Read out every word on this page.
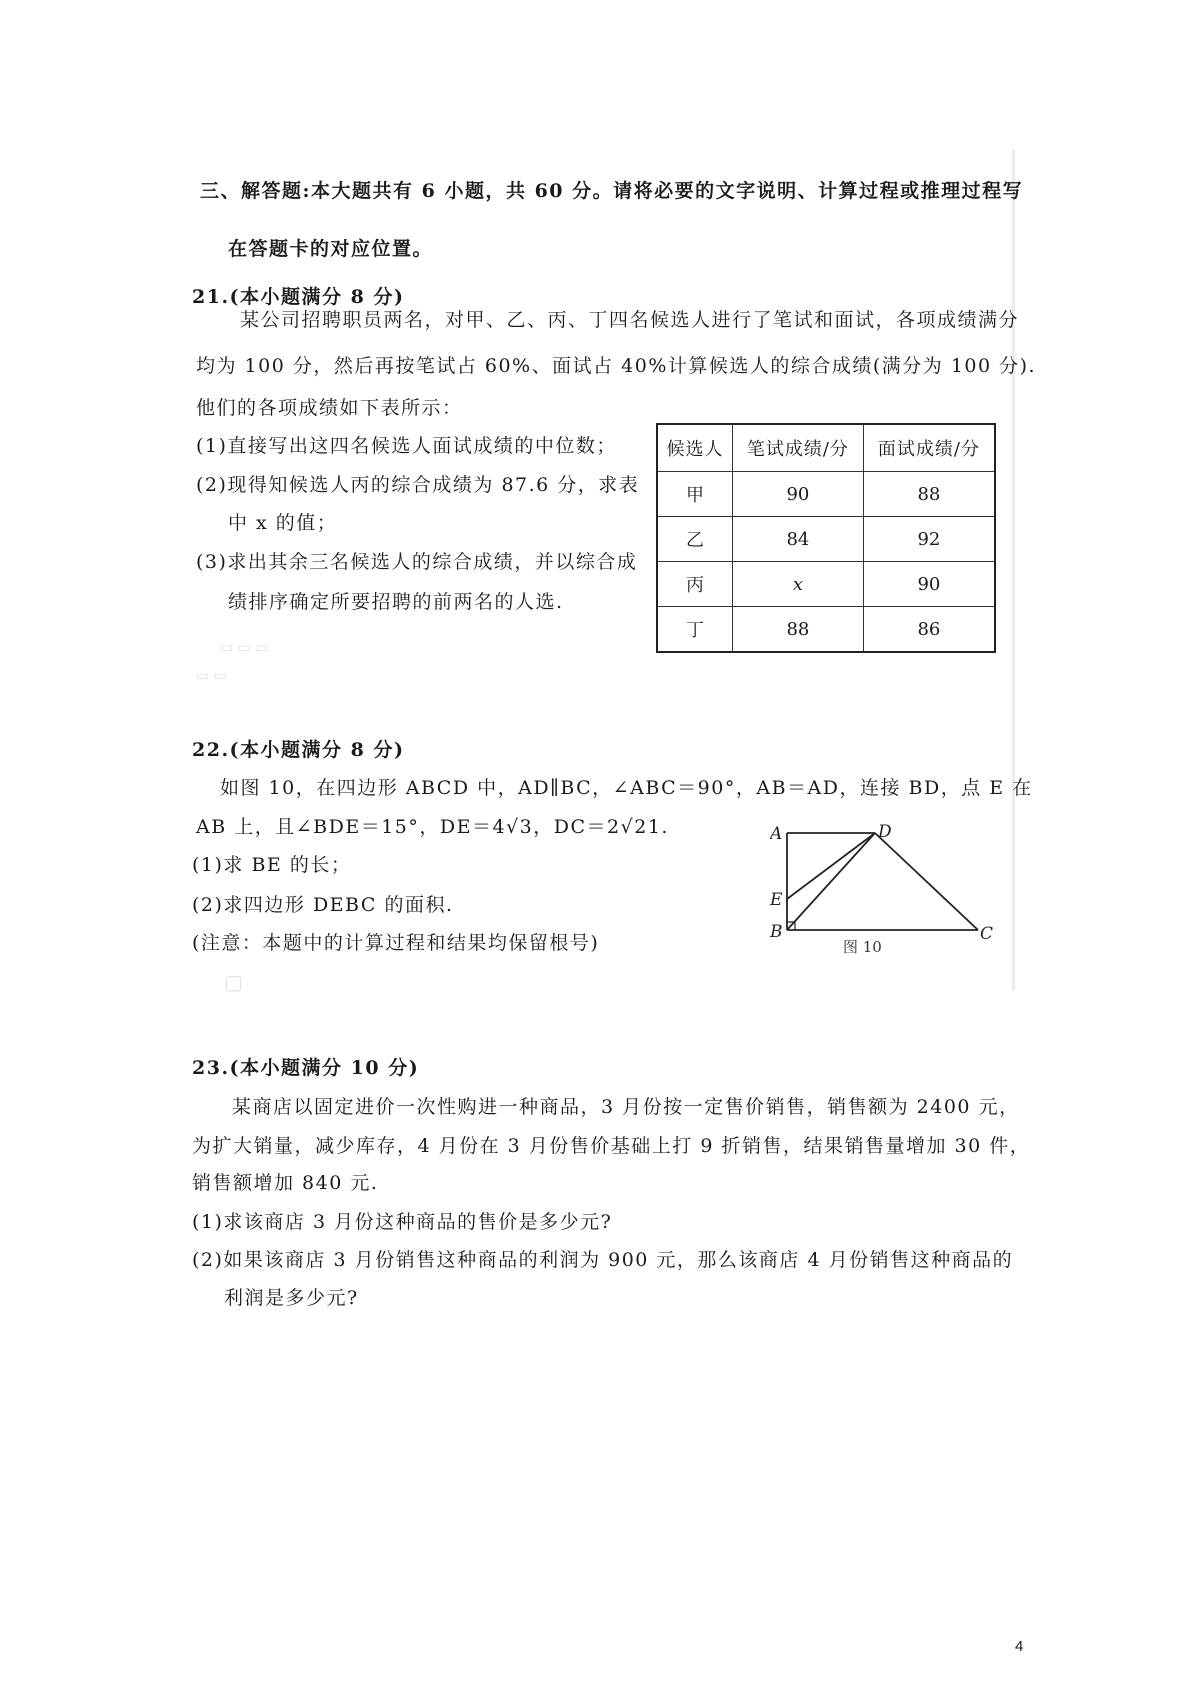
三、解答题:本大题共有 6 小题，共 60 分。请将必要的文字说明、计算过程或推理过程写
在答题卡的对应位置。
21.(本小题满分 8 分)
某公司招聘职员两名，对甲、乙、丙、丁四名候选人进行了笔试和面试，各项成绩满分
均为 100 分，然后再按笔试占 60%、面试占 40%计算候选人的综合成绩(满分为 100 分).
他们的各项成绩如下表所示：
(1)直接写出这四名候选人面试成绩的中位数；
(2)现得知候选人丙的综合成绩为 87.6 分，求表
中 x 的值；
(3)求出其余三名候选人的综合成绩，并以综合成
绩排序确定所要招聘的前两名的人选.
候选人	笔试成绩/分	面试成绩/分
甲	90	88
乙	84	92
丙	x	90
丁	88	86
▭ ▭ ▭
▭ ▭
22.(本小题满分 8 分)
如图 10，在四边形 ABCD 中，AD∥BC，∠ABC＝90°，AB＝AD，连接 BD，点 E 在
AB 上，且∠BDE＝15°，DE＝4√3，DC＝2√21.
(1)求 BE 的长；
(2)求四边形 DEBC 的面积.
(注意：本题中的计算过程和结果均保留根号)
A	D
E
B	C
图 10
▢
23.(本小题满分 10 分)
某商店以固定进价一次性购进一种商品，3 月份按一定售价销售，销售额为 2400 元，
为扩大销量，减少库存，4 月份在 3 月份售价基础上打 9 折销售，结果销售量增加 30 件，
销售额增加 840 元.
(1)求该商店 3 月份这种商品的售价是多少元?
(2)如果该商店 3 月份销售这种商品的利润为 900 元，那么该商店 4 月份销售这种商品的
利润是多少元?
4
